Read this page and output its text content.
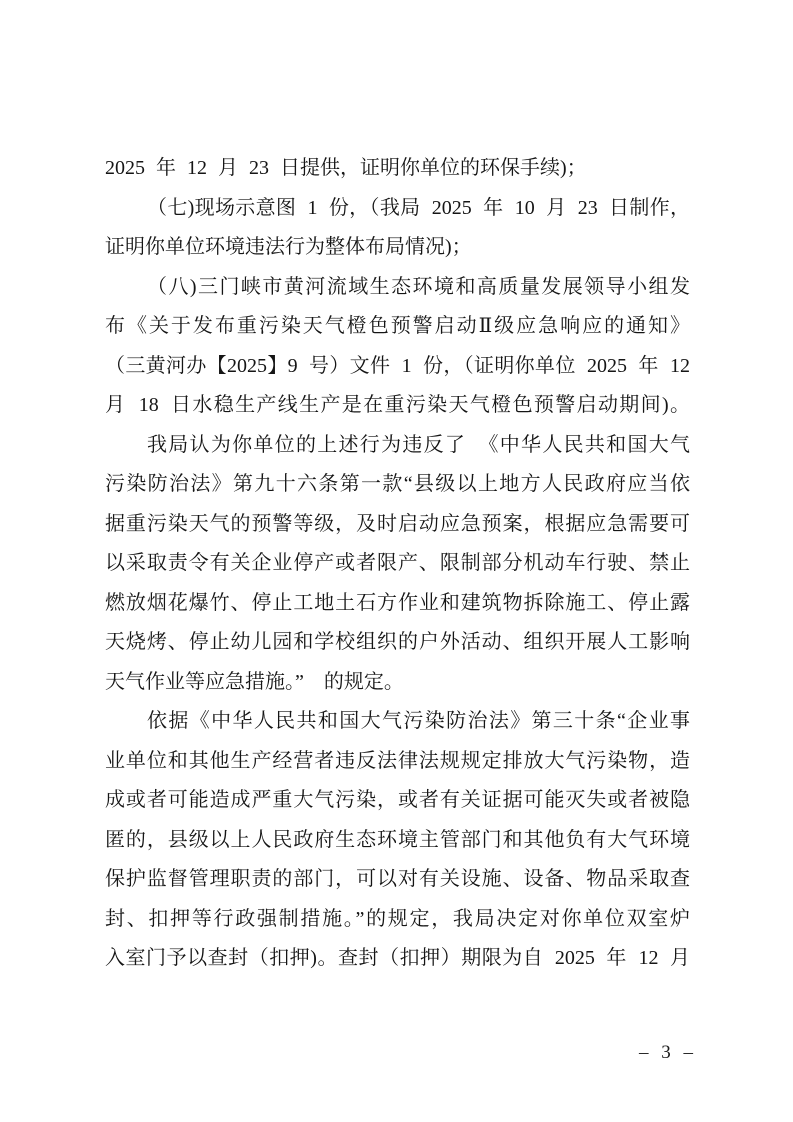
2025 年 12 月 23 日提供，证明你单位的环保手续)；
（七)现场示意图 1 份，（我局 2025 年 10 月 23 日制作，
证明你单位环境违法行为整体布局情况)；
（八)三门峡市黄河流域生态环境和高质量发展领导小组发
布《关于发布重污染天气橙色预警启动Ⅱ级应急响应的通知》
（三黄河办【2025】9 号）文件 1 份，（证明你单位 2025 年 12
月 18 日水稳生产线生产是在重污染天气橙色预警启动期间)。
我局认为你单位的上述行为违反了 《中华人民共和国大气
污染防治法》第九十六条第一款“县级以上地方人民政府应当依
据重污染天气的预警等级，及时启动应急预案，根据应急需要可
以采取责令有关企业停产或者限产、限制部分机动车行驶、禁止
燃放烟花爆竹、停止工地土石方作业和建筑物拆除施工、停止露
天烧烤、停止幼儿园和学校组织的户外活动、组织开展人工影响
天气作业等应急措施。”　的规定。
依据《中华人民共和国大气污染防治法》第三十条“企业事
业单位和其他生产经营者违反法律法规规定排放大气污染物，造
成或者可能造成严重大气污染，或者有关证据可能灭失或者被隐
匿的，县级以上人民政府生态环境主管部门和其他负有大气环境
保护监督管理职责的部门，可以对有关设施、设备、物品采取查
封、扣押等行政强制措施。”的规定，我局决定对你单位双室炉
入室门予以查封（扣押)。查封（扣押）期限为自 2025 年 12 月
– 3 –
